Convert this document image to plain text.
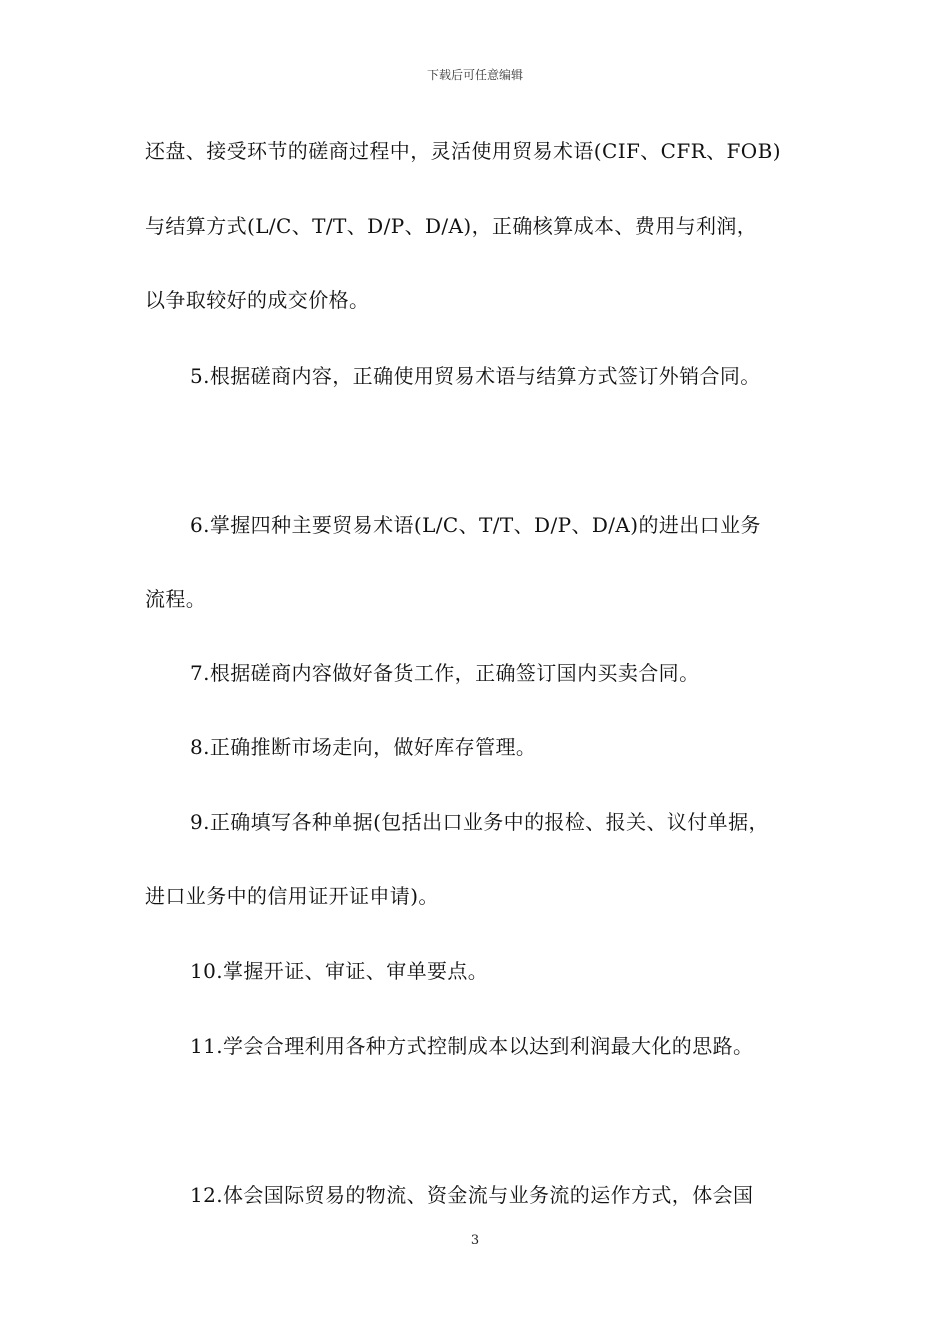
下载后可任意编辑
还盘、接受环节的磋商过程中，灵活使用贸易术语(CIF、CFR、FOB)
与结算方式(L/C、T/T、D/P、D/A)，正确核算成本、费用与利润，
以争取较好的成交价格。
5.根据磋商内容，正确使用贸易术语与结算方式签订外销合同。
6.掌握四种主要贸易术语(L/C、T/T、D/P、D/A)的进出口业务
流程。
7.根据磋商内容做好备货工作，正确签订国内买卖合同。
8.正确推断市场走向，做好库存管理。
9.正确填写各种单据(包括出口业务中的报检、报关、议付单据，
进口业务中的信用证开证申请)。
10.掌握开证、审证、审单要点。
11.学会合理利用各种方式控制成本以达到利润最大化的思路。
12.体会国际贸易的物流、资金流与业务流的运作方式，体会国
3
